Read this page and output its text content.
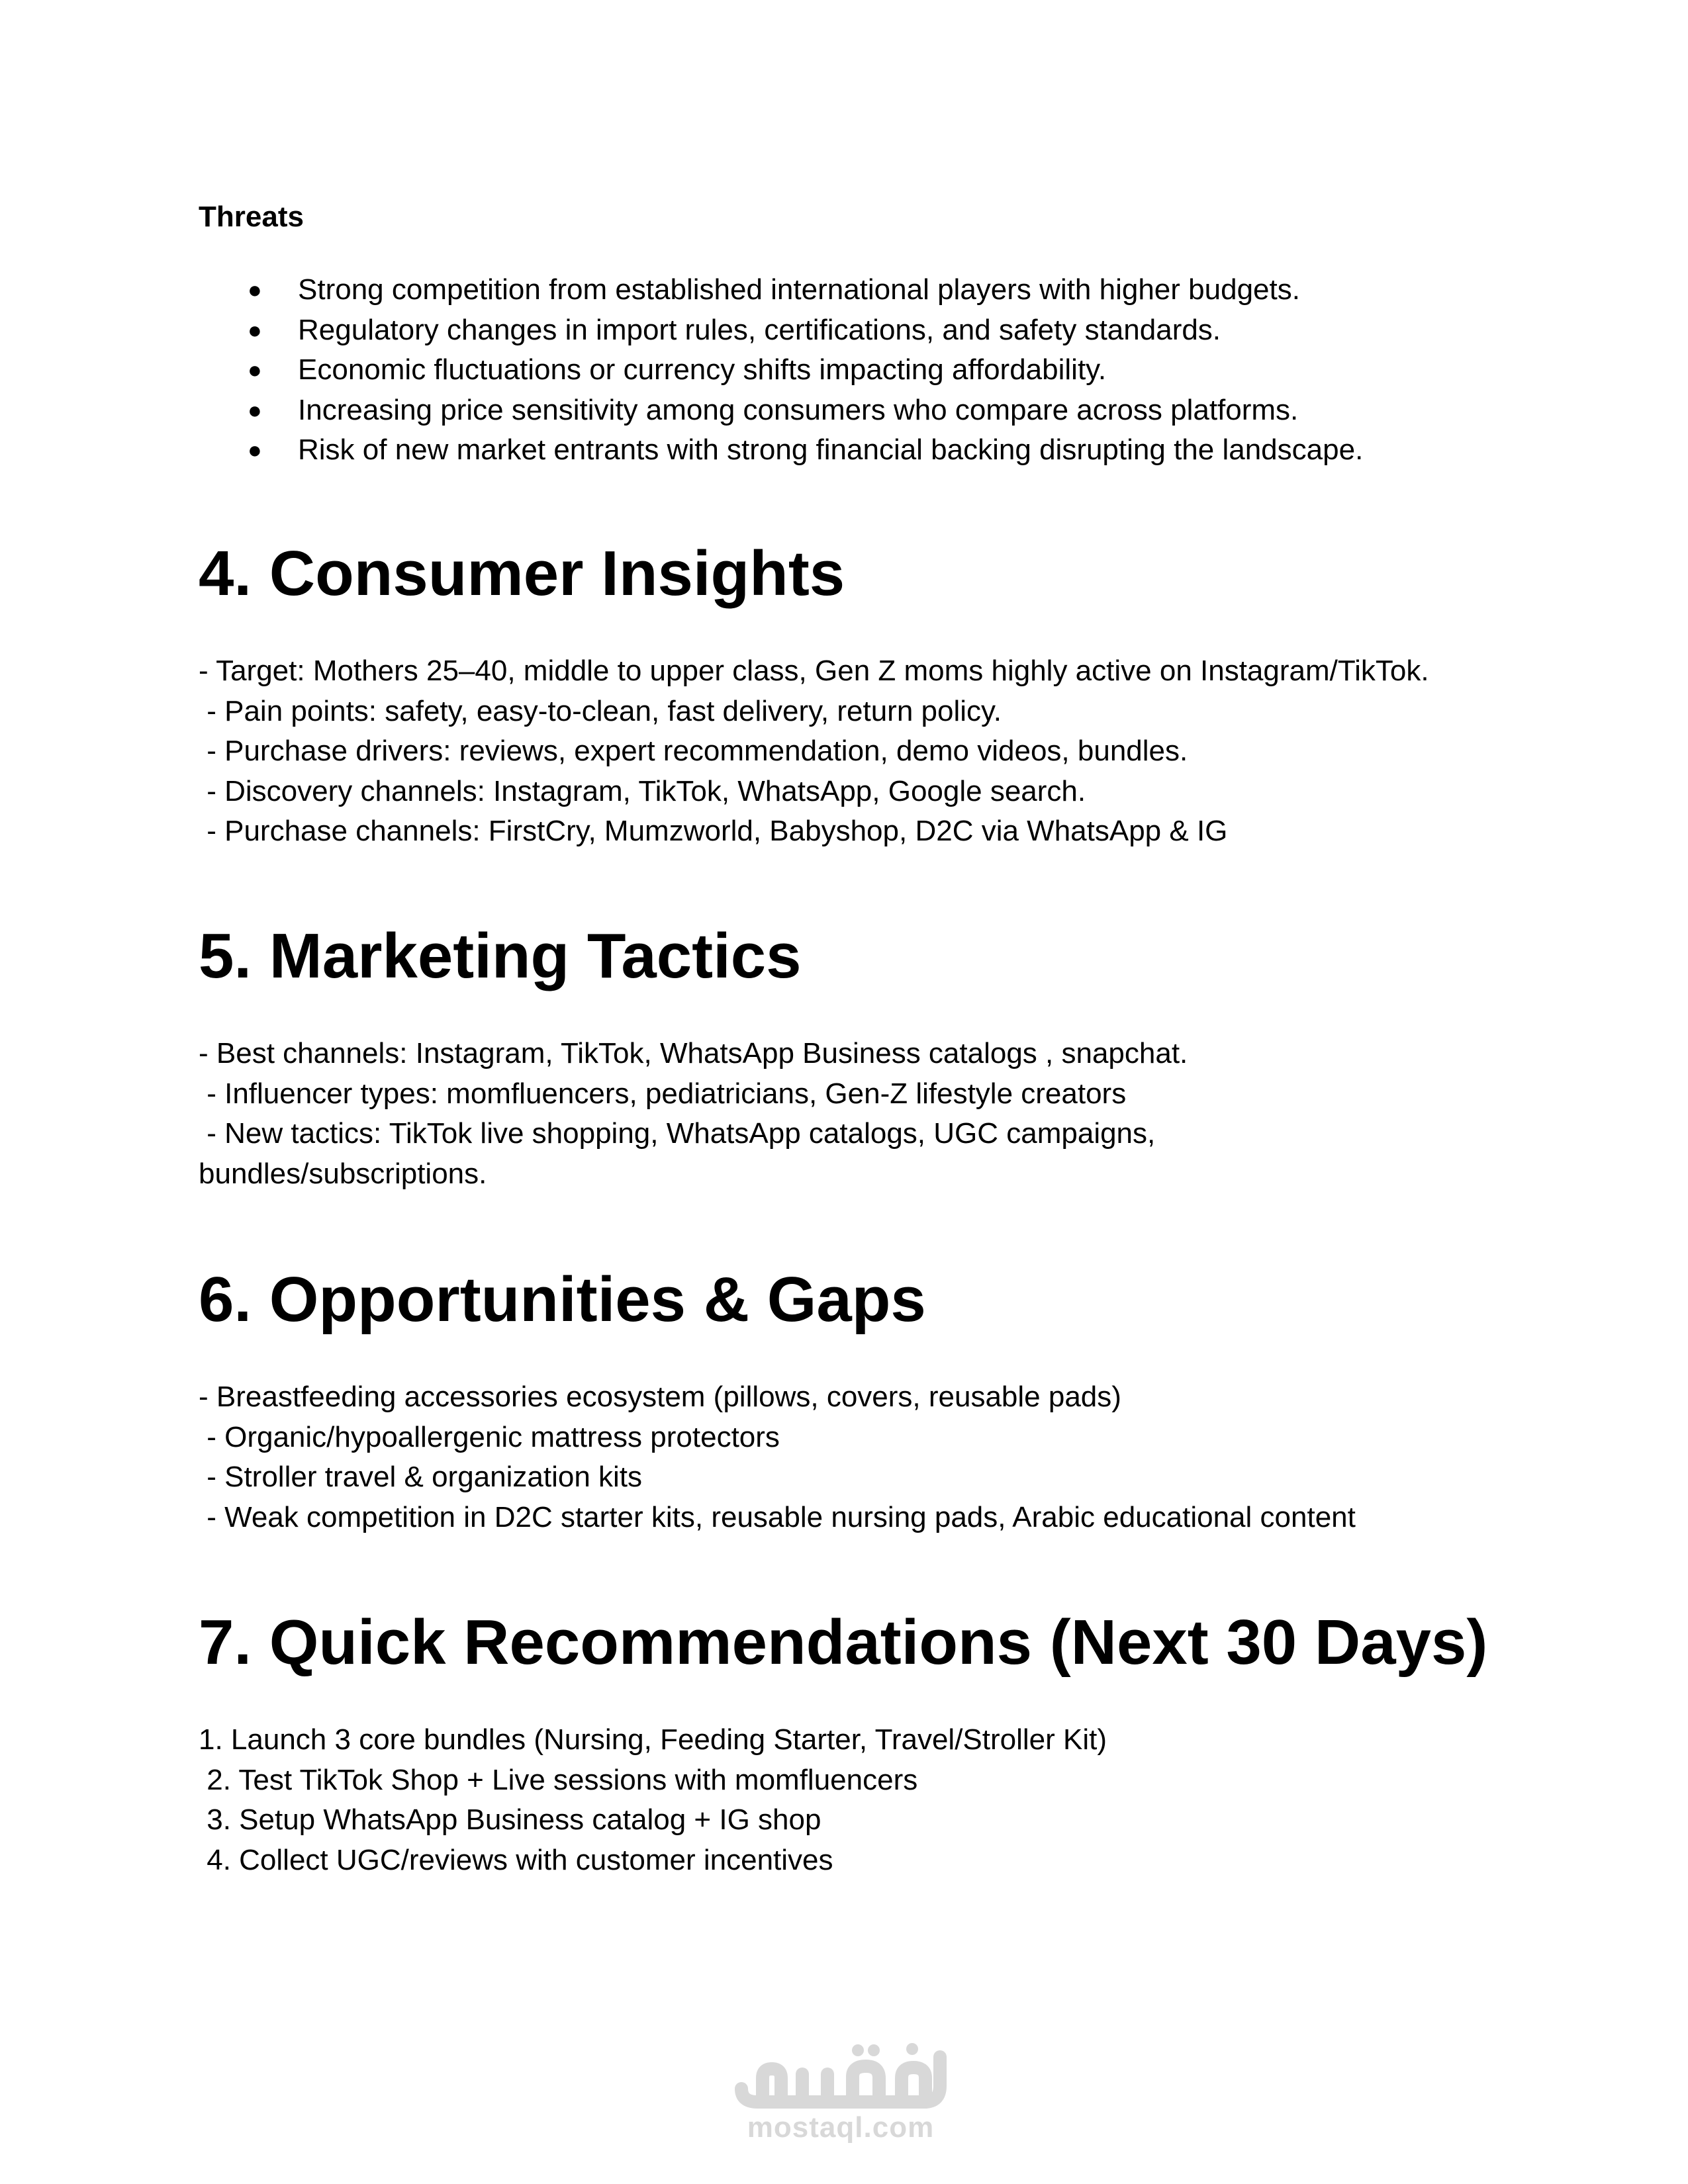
Threats
● Strong competition from established international players with higher budgets.
● Regulatory changes in import rules, certifications, and safety standards.
● Economic fluctuations or currency shifts impacting affordability.
● Increasing price sensitivity among consumers who compare across platforms.
● Risk of new market entrants with strong financial backing disrupting the landscape.
4. Consumer Insights
- Target: Mothers 25–40, middle to upper class, Gen Z moms highly active on Instagram/TikTok.
- Pain points: safety, easy-to-clean, fast delivery, return policy.
- Purchase drivers: reviews, expert recommendation, demo videos, bundles.
- Discovery channels: Instagram, TikTok, WhatsApp, Google search.
- Purchase channels: FirstCry, Mumzworld, Babyshop, D2C via WhatsApp & IG
5. Marketing Tactics
- Best channels: Instagram, TikTok, WhatsApp Business catalogs , snapchat.
- Influencer types: momfluencers, pediatricians, Gen-Z lifestyle creators
- New tactics: TikTok live shopping, WhatsApp catalogs, UGC campaigns,
bundles/subscriptions.
6. Opportunities & Gaps
- Breastfeeding accessories ecosystem (pillows, covers, reusable pads)
- Organic/hypoallergenic mattress protectors
- Stroller travel & organization kits
- Weak competition in D2C starter kits, reusable nursing pads, Arabic educational content
7. Quick Recommendations (Next 30 Days)
1. Launch 3 core bundles (Nursing, Feeding Starter, Travel/Stroller Kit)
2. Test TikTok Shop + Live sessions with momfluencers
3. Setup WhatsApp Business catalog + IG shop
4. Collect UGC/reviews with customer incentives
mostaql.com
